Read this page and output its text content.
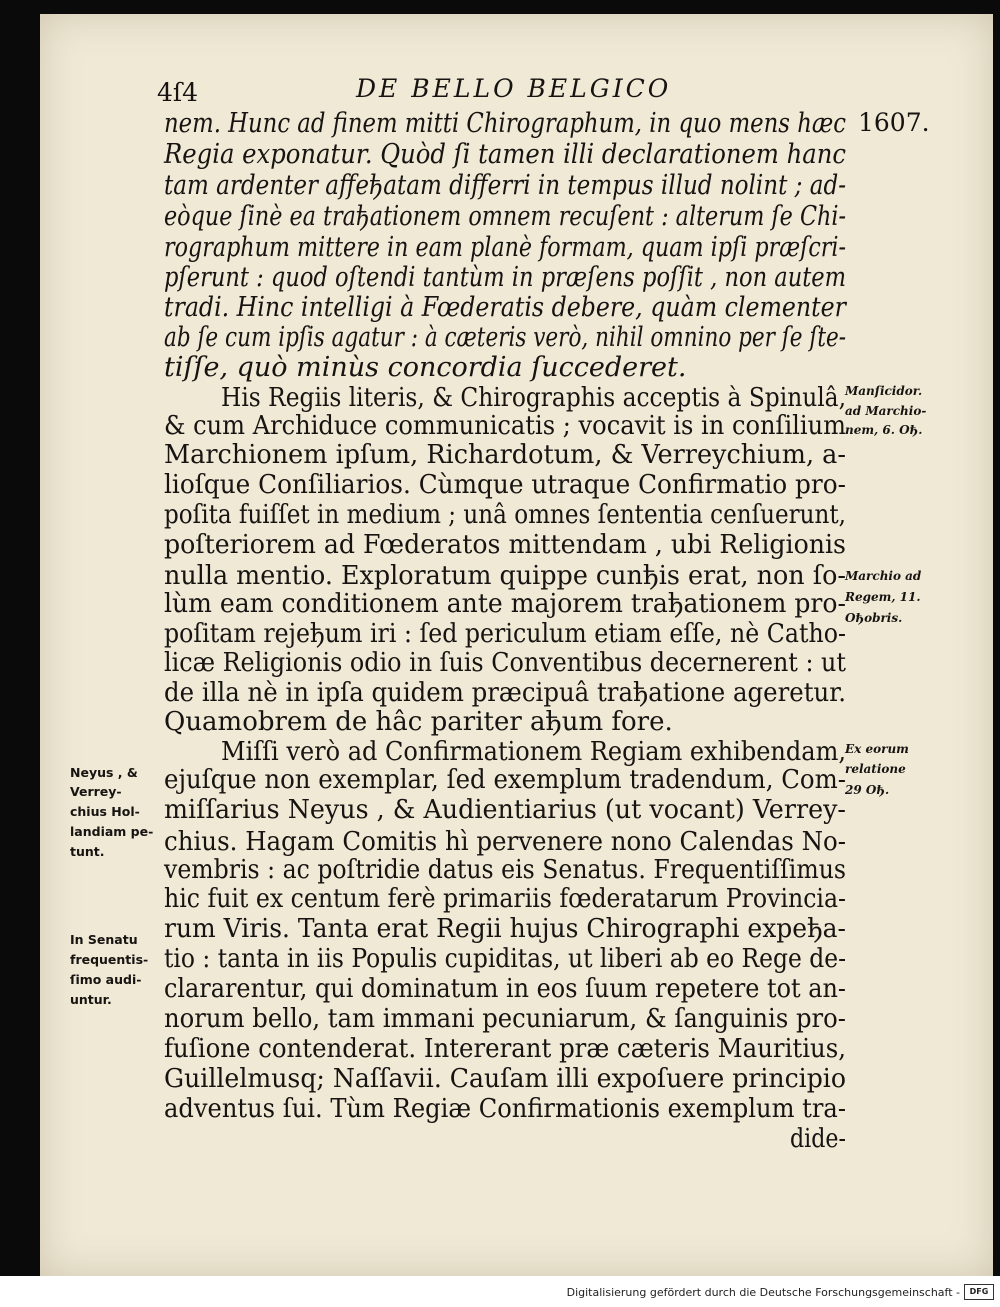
4ſ4	DE BELLO BELGICO
1607.
nem. Hunc ad finem mitti Chirographum, in quo mens hæc
Regia exponatur. Quòd ſi tamen illi declarationem hanc
tam ardenter affeђatam differri in tempus illud nolint ; ad-
eòque ſinè ea traђationem omnem recuſent : alterum ſe Chi-
rographum mittere in eam planè formam, quam ipſi præſcri-
pſerunt : quod oſtendi tantùm in præſens poſſit , non autem
tradi. Hinc intelligi à Fœderatis debere, quàm clementer
ab ſe cum ipſis agatur : à cæteris verò, nihil omnino per ſe ſte-
tiſſe, quò minùs concordia ſuccederet.
His Regiis literis, & Chirographis acceptis à Spinulâ,
& cum Archiduce communicatis ; vocavit is in conſilium
Marchionem ipſum, Richardotum, & Verreychium, a-
lioſque Conſiliarios. Cùmque utraque Confirmatio pro-
poſita fuiſſet in medium ; unâ omnes ſententia cenſuerunt,
poſteriorem ad Fœderatos mittendam , ubi Religionis
nulla mentio. Exploratum quippe cunђis erat, non ſo-
lùm eam conditionem ante majorem traђationem pro-
poſitam rejeђum iri : ſed periculum etiam eſſe, nè Catho-
licæ Religionis odio in ſuis Conventibus decernerent : ut
de illa nè in ipſa quidem præcipuâ traђatione ageretur.
Quamobrem de hâc pariter aђum fore.
Miſſi verò ad Confirmationem Regiam exhibendam,
ejuſque non exemplar, ſed exemplum tradendum, Com-
miſſarius Neyus , & Audientiarius (ut vocant) Verrey-
chius. Hagam Comitis hì pervenere nono Calendas No-
vembris : ac poſtridie datus eis Senatus. Frequentiſſimus
hic fuit ex centum ferè primariis fœderatarum Provincia-
rum Viris. Tanta erat Regii hujus Chirographi expeђa-
tio : tanta in iis Populis cupiditas, ut liberi ab eo Rege de-
clararentur, qui dominatum in eos ſuum repetere tot an-
norum bello, tam immani pecuniarum, & ſanguinis pro-
fuſione contenderat. Intererant præ cæteris Mauritius,
Guillelmusq; Naſſavii. Cauſam illi expoſuere principio
adventus ſui. Tùm Regiæ Confirmationis exemplum tra-
dide-
Manſicidor.
ad Marchio-
nem, 6. Oђ.
Marchio ad
Regem, 11.
Oђobris.
Ex eorum
relatione
29 Oђ.
Neyus , &
Verrey-
chius Hol-
landiam pe-
tunt.
In Senatu
frequentis-
ſimo audi-
untur.
Digitalisierung gefördert durch die Deutsche Forschungsgemeinschaft -	DFG
